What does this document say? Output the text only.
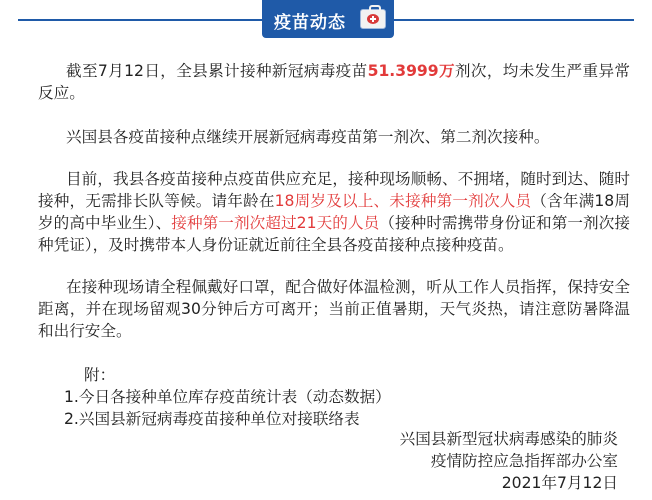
疫苗动态

截至7月12日，全县累计接种新冠病毒疫苗51.3999万剂次，均未发生严重异常反应。

兴国县各疫苗接种点继续开展新冠病毒疫苗第一剂次、第二剂次接种。

目前，我县各疫苗接种点疫苗供应充足，接种现场顺畅、不拥堵，随时到达、随时接种，无需排长队等候。请年龄在18周岁及以上、未接种第一剂次人员（含年满18周岁的高中毕业生）、接种第一剂次超过21天的人员（接种时需携带身份证和第一剂次接种凭证），及时携带本人身份证就近前往全县各疫苗接种点接种疫苗。

在接种现场请全程佩戴好口罩，配合做好体温检测，听从工作人员指挥，保持安全距离，并在现场留观30分钟后方可离开；当前正值暑期，天气炎热，请注意防暑降温和出行安全。

附：
1.今日各接种单位库存疫苗统计表（动态数据）
2.兴国县新冠病毒疫苗接种单位对接联络表
兴国县新型冠状病毒感染的肺炎
疫情防控应急指挥部办公室
2021年7月12日
